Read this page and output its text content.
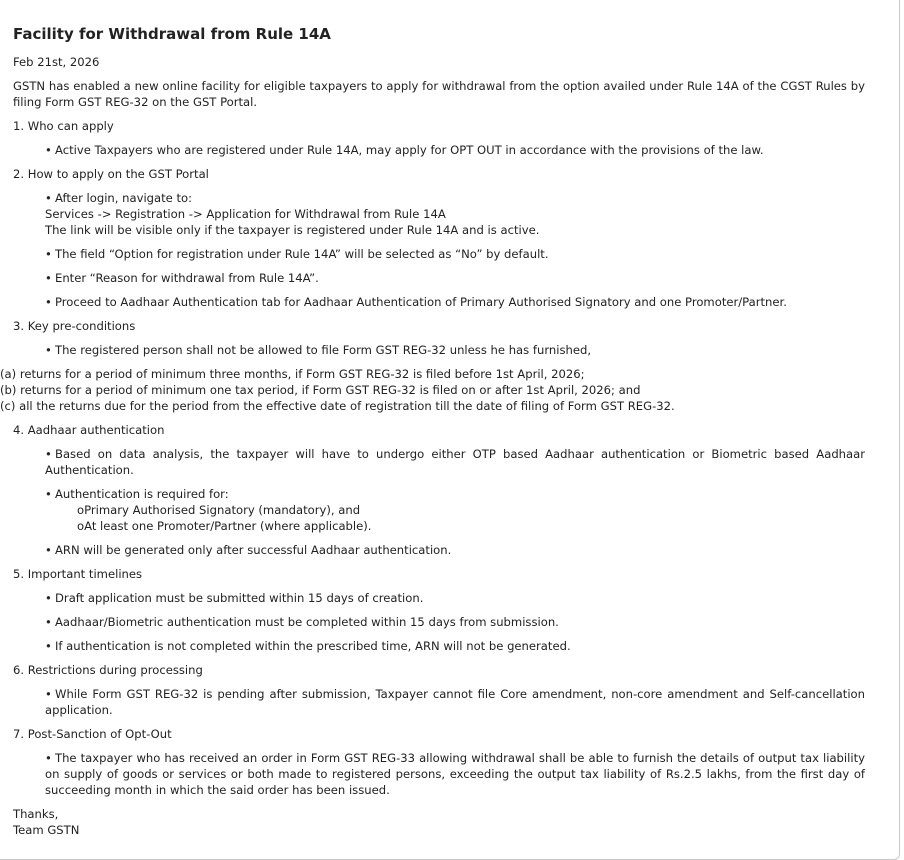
Facility for Withdrawal from Rule 14A
Feb 21st, 2026
GSTN has enabled a new online facility for eligible taxpayers to apply for withdrawal from the option availed under Rule 14A of the CGST Rules by filing Form GST REG-32 on the GST Portal.
1. Who can apply
• Active Taxpayers who are registered under Rule 14A, may apply for OPT OUT in accordance with the provisions of the law.
2. How to apply on the GST Portal
• After login, navigate to:
Services -> Registration -> Application for Withdrawal from Rule 14A
The link will be visible only if the taxpayer is registered under Rule 14A and is active.
• The field “Option for registration under Rule 14A” will be selected as “No” by default.
• Enter “Reason for withdrawal from Rule 14A”.
• Proceed to Aadhaar Authentication tab for Aadhaar Authentication of Primary Authorised Signatory and one Promoter/Partner.
3. Key pre-conditions
• The registered person shall not be allowed to file Form GST REG-32 unless he has furnished,
(a) returns for a period of minimum three months, if Form GST REG-32 is filed before 1st April, 2026;
(b) returns for a period of minimum one tax period, if Form GST REG-32 is filed on or after 1st April, 2026; and
(c) all the returns due for the period from the effective date of registration till the date of filing of Form GST REG-32.
4. Aadhaar authentication
• Based on data analysis, the taxpayer will have to undergo either OTP based Aadhaar authentication or Biometric based Aadhaar Authentication.
• Authentication is required for:
oPrimary Authorised Signatory (mandatory), and
oAt least one Promoter/Partner (where applicable).
• ARN will be generated only after successful Aadhaar authentication.
5. Important timelines
• Draft application must be submitted within 15 days of creation.
• Aadhaar/Biometric authentication must be completed within 15 days from submission.
• If authentication is not completed within the prescribed time, ARN will not be generated.
6. Restrictions during processing
• While Form GST REG-32 is pending after submission, Taxpayer cannot file Core amendment, non-core amendment and Self-cancellation application.
7. Post-Sanction of Opt-Out
• The taxpayer who has received an order in Form GST REG-33 allowing withdrawal shall be able to furnish the details of output tax liability on supply of goods or services or both made to registered persons, exceeding the output tax liability of Rs.2.5 lakhs, from the first day of succeeding month in which the said order has been issued.
Thanks,
Team GSTN
